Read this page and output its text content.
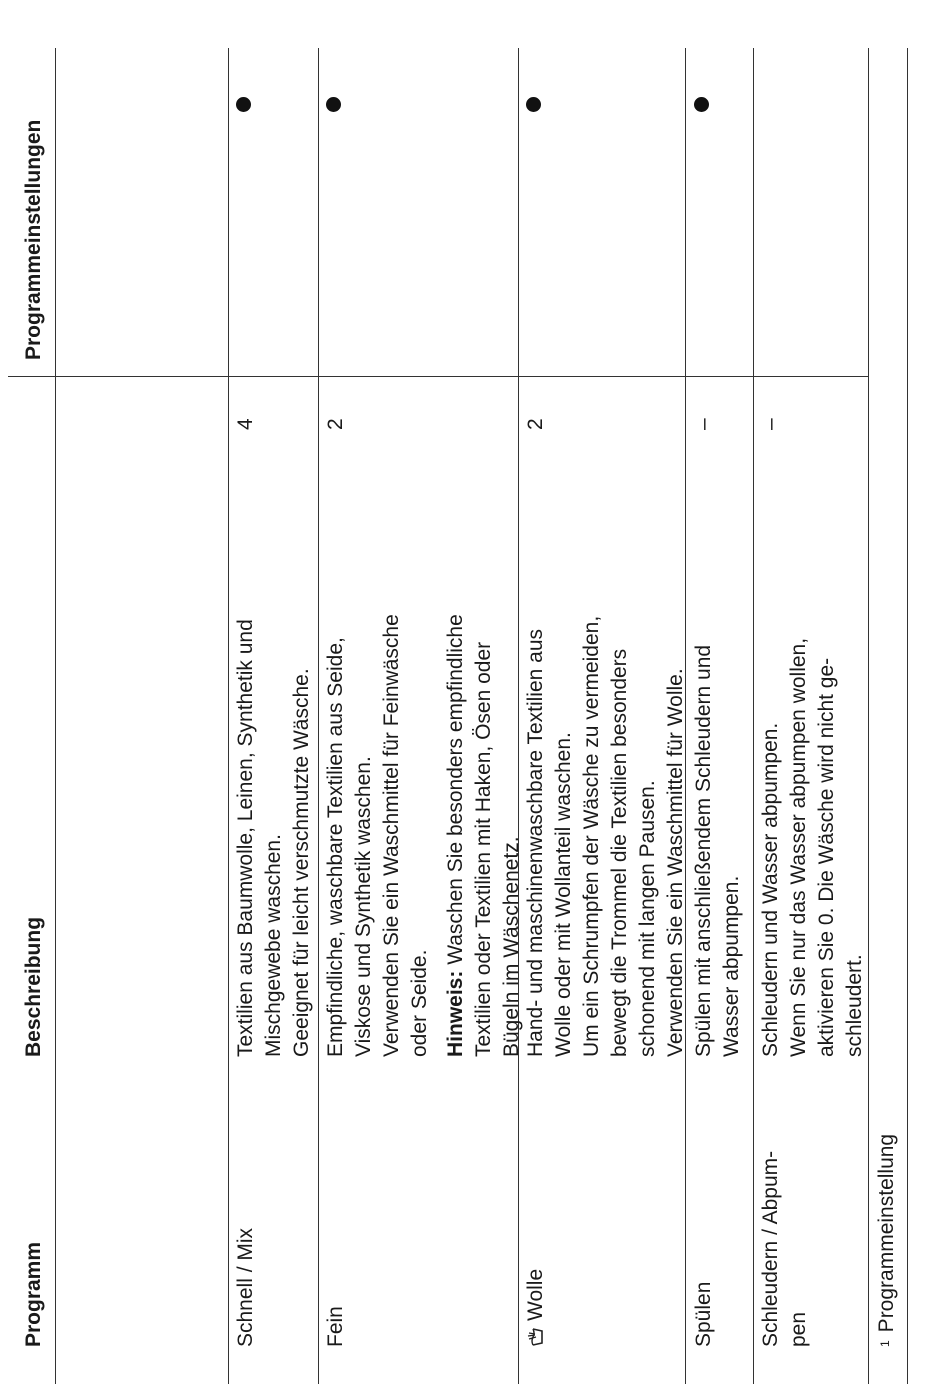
Programm
Beschreibung
Programmeinstellungen
Schnell / Mix
Textilien aus Baumwolle, Leinen, Synthetik und Mischgewebe waschen. Geeignet für leicht verschmutzte Wäsche.
4
Fein
Empfindliche, waschbare Textilien aus Seide, Viskose und Synthetik waschen. Verwenden Sie ein Waschmittel für Feinwäsche oder Seide. Hinweis: Waschen Sie besonders empfindliche Textilien oder Textilien mit Haken, Ösen oder Bügeln im Wäschenetz.
2
Wolle
Hand- und maschinenwaschbare Textilien aus Wolle oder mit Wollanteil waschen. Um ein Schrumpfen der Wäsche zu vermeiden, bewegt die Trommel die Textilien besonders schonend mit langen Pausen. Verwenden Sie ein Waschmittel für Wolle.
2
Spülen
Spülen mit anschließendem Schleudern und Wasser abpumpen.
–
Schleudern / Abpum- pen
Schleudern und Wasser abpumpen. Wenn Sie nur das Wasser abpumpen wollen, aktivieren Sie 0. Die Wäsche wird nicht ge- schleudert.
–
$^1$Programmeinstellung
